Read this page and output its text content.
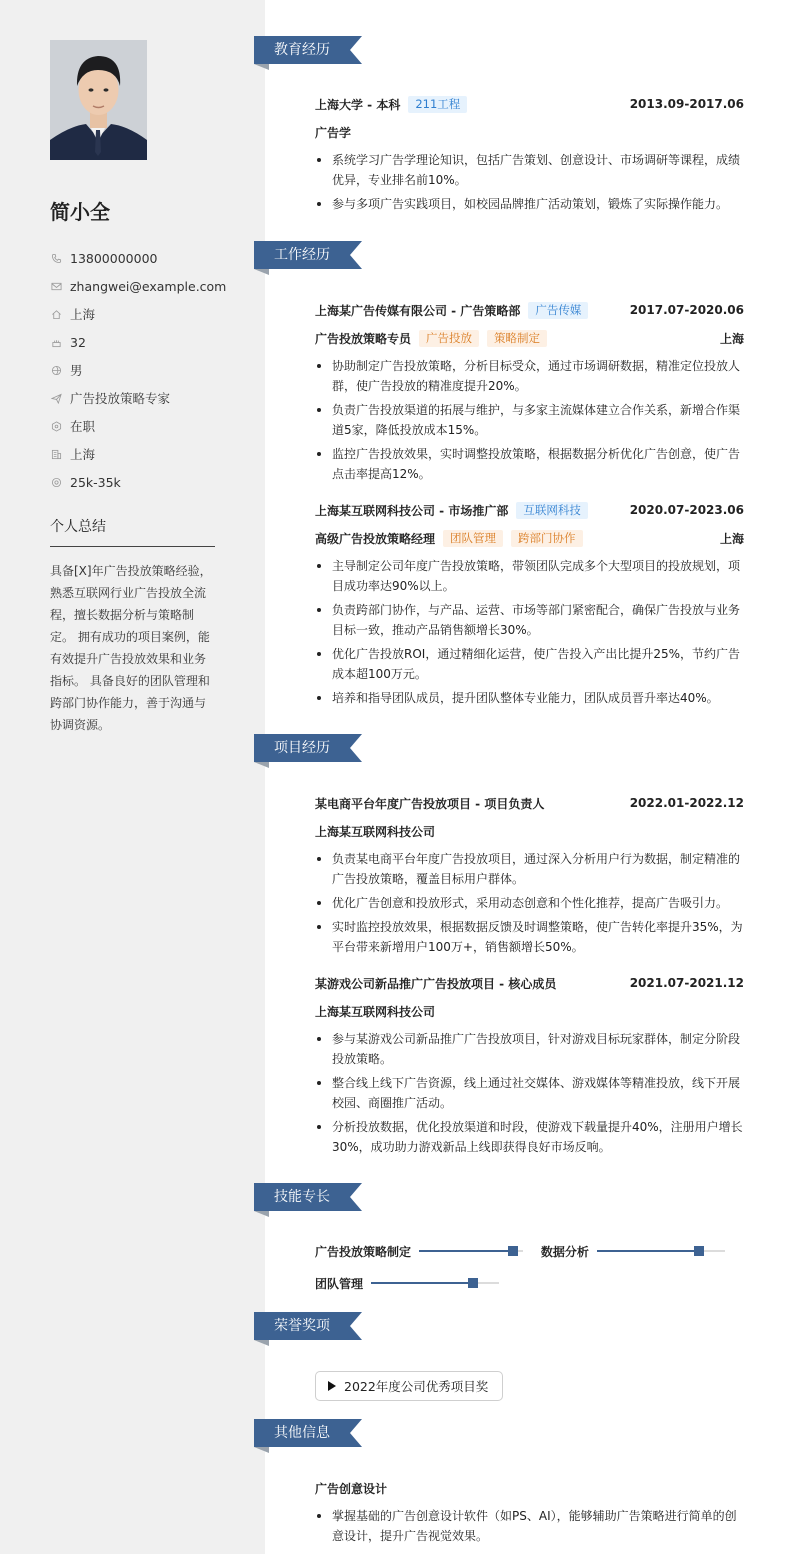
简小全
13800000000
zhangwei@example.com
上海
32
男
广告投放策略专家
在职
上海
25k-35k
个人总结
具备[X]年广告投放策略经验，熟悉互联网行业广告投放全流程，擅长数据分析与策略制定。 拥有成功的项目案例，能有效提升广告投放效果和业务指标。 具备良好的团队管理和跨部门协作能力，善于沟通与协调资源。
教育经历
上海大学 - 本科	211工程	2013.09-2017.06
广告学
系统学习广告学理论知识，包括广告策划、创意设计、市场调研等课程，成绩优异，专业排名前10%。
参与多项广告实践项目，如校园品牌推广活动策划，锻炼了实际操作能力。
工作经历
上海某广告传媒有限公司 - 广告策略部	广告传媒	2017.07-2020.06
广告投放策略专员	广告投放	策略制定	上海
协助制定广告投放策略，分析目标受众，通过市场调研数据，精准定位投放人群，使广告投放的精准度提升20%。
负责广告投放渠道的拓展与维护，与多家主流媒体建立合作关系，新增合作渠道5家，降低投放成本15%。
监控广告投放效果，实时调整投放策略，根据数据分析优化广告创意，使广告点击率提高12%。
上海某互联网科技公司 - 市场推广部	互联网科技	2020.07-2023.06
高级广告投放策略经理	团队管理	跨部门协作	上海
主导制定公司年度广告投放策略，带领团队完成多个大型项目的投放规划，项目成功率达90%以上。
负责跨部门协作，与产品、运营、市场等部门紧密配合，确保广告投放与业务目标一致，推动产品销售额增长30%。
优化广告投放ROI，通过精细化运营，使广告投入产出比提升25%，节约广告成本超100万元。
培养和指导团队成员，提升团队整体专业能力，团队成员晋升率达40%。
项目经历
某电商平台年度广告投放项目 - 项目负责人	2022.01-2022.12
上海某互联网科技公司
负责某电商平台年度广告投放项目，通过深入分析用户行为数据，制定精准的广告投放策略，覆盖目标用户群体。
优化广告创意和投放形式，采用动态创意和个性化推荐，提高广告吸引力。
实时监控投放效果，根据数据反馈及时调整策略，使广告转化率提升35%，为平台带来新增用户100万+，销售额增长50%。
某游戏公司新品推广广告投放项目 - 核心成员	2021.07-2021.12
上海某互联网科技公司
参与某游戏公司新品推广广告投放项目，针对游戏目标玩家群体，制定分阶段投放策略。
整合线上线下广告资源，线上通过社交媒体、游戏媒体等精准投放，线下开展校园、商圈推广活动。
分析投放数据，优化投放渠道和时段，使游戏下载量提升40%，注册用户增长30%，成功助力游戏新品上线即获得良好市场反响。
技能专长
广告投放策略制定
	数据分析
团队管理
荣誉奖项
2022年度公司优秀项目奖
其他信息
广告创意设计
掌握基础的广告创意设计软件（如PS、AI），能够辅助广告策略进行简单的创意设计，提升广告视觉效果。
